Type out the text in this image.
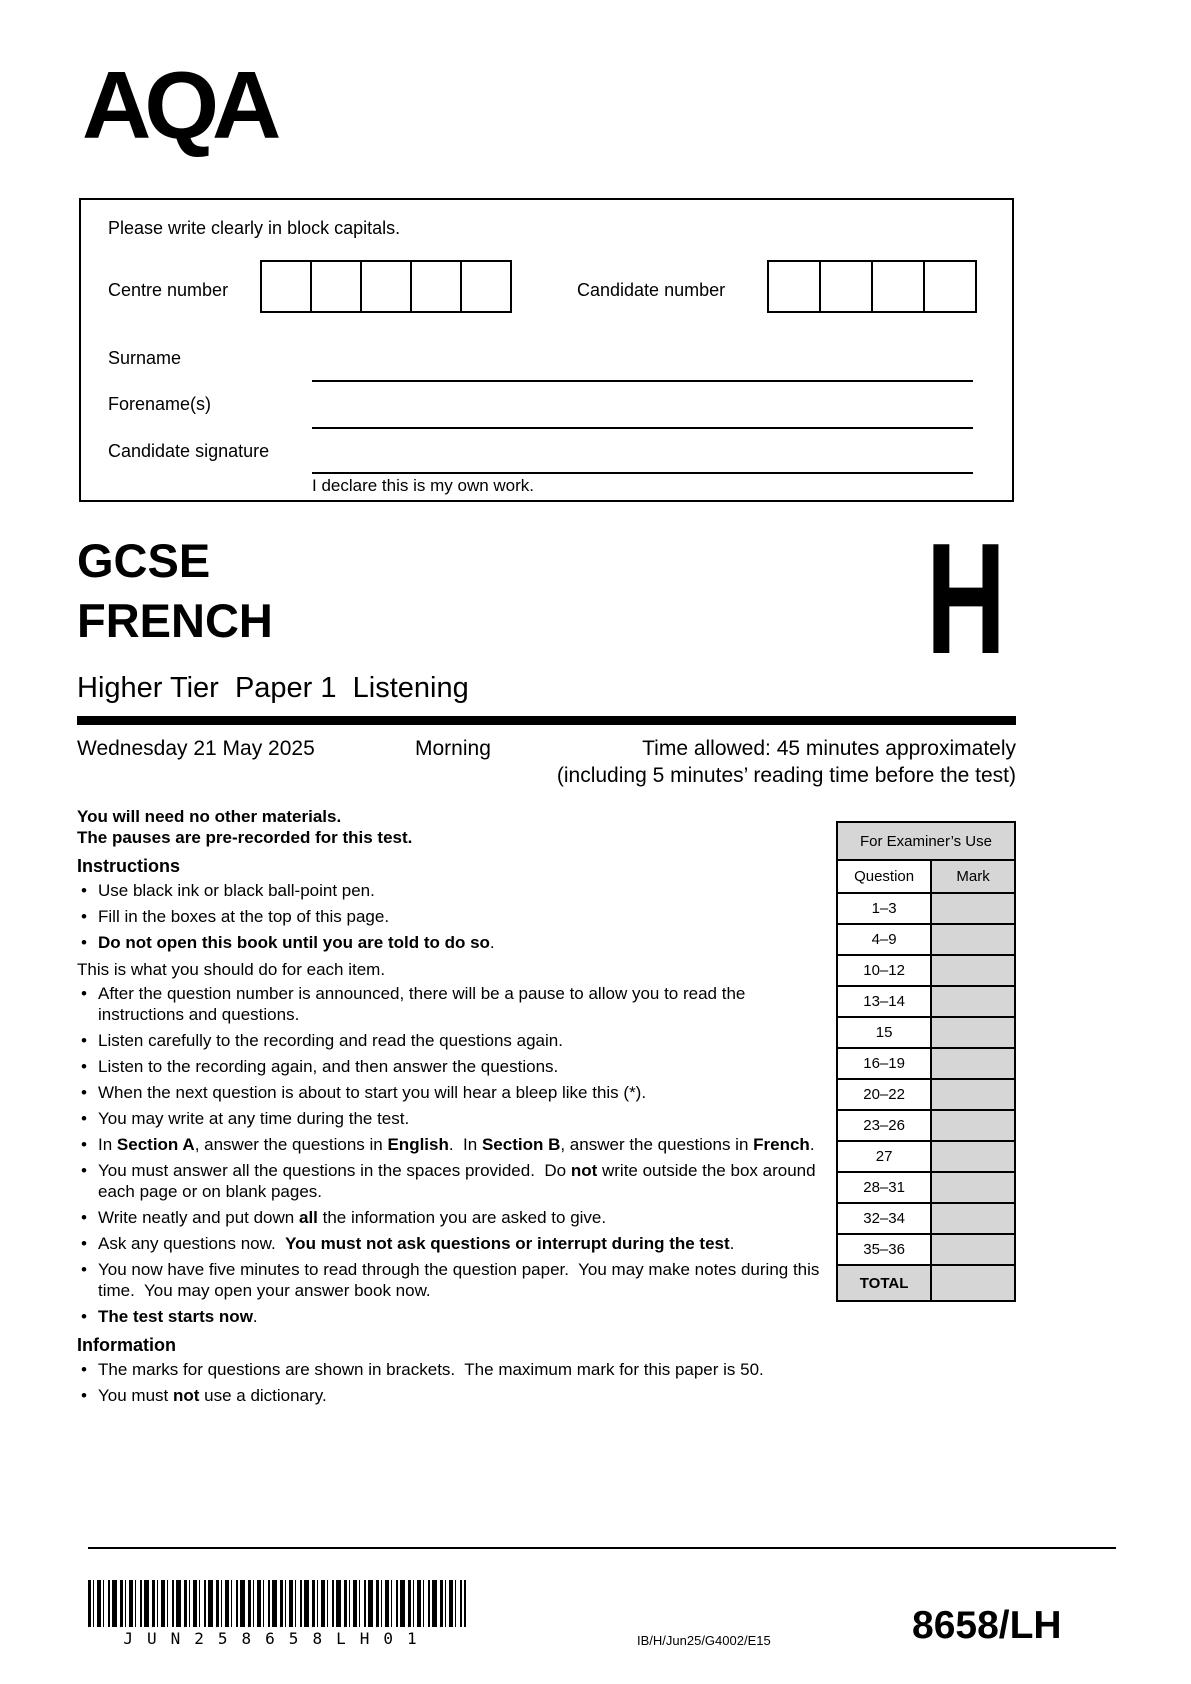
AQA
Please write clearly in block capitals.
Centre number	Candidate number
Surname
Forename(s)
Candidate signature
I declare this is my own work.
GCSE
FRENCH	H
Higher Tier  Paper 1  Listening
Wednesday 21 May 2025	Morning	Time allowed: 45 minutes approximately
(including 5 minutes’ reading time before the test)

You will need no other materials.

The pauses are pre-recorded for this test.

Instructions
• Use black ink or black ball-point pen.
• Fill in the boxes at the top of this page.
• Do not open this book until you are told to do so.

This is what you should do for each item.

• After the question number is announced, there will be a pause to allow you to read the instructions and questions.
• Listen carefully to the recording and read the questions again.
• Listen to the recording again, and then answer the questions.
• When the next question is about to start you will hear a bleep like this (*).
• You may write at any time during the test.
• In Section A, answer the questions in English.  In Section B, answer the questions in French.
• You must answer all the questions in the spaces provided.  Do not write outside the box around each page or on blank pages.
• Write neatly and put down all the information you are asked to give.
• Ask any questions now.  You must not ask questions or interrupt during the test.
• You now have five minutes to read through the question paper.  You may make notes during this time.  You may open your answer book now.
• The test starts now.
Information
• The marks for questions are shown in brackets.  The maximum mark for this paper is 50.
• You must not use a dictionary.
For Examiner’s Use	
Question	Mark
1–3	
4–9	
10–12	
13–14	
15	
16–19	
20–22	
23–26	
27	
28–31	
32–34	
35–36	
TOTAL	
JUN258658LH01	IB/H/Jun25/G4002/E15	8658/LH
